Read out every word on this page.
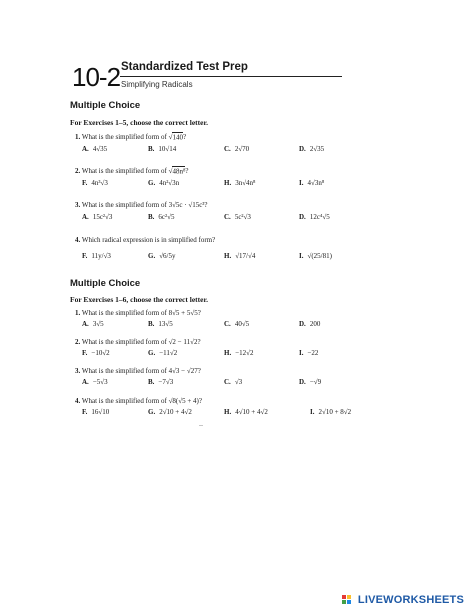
10-2 Standardized Test Prep
Simplifying Radicals
Multiple Choice
For Exercises 1–5, choose the correct letter.
1. What is the simplified form of √140?
A. 4√35	B. 10√14	C. 2√70	D. 2√35
2. What is the simplified form of √48n⁸?
F. 4n³√3	G. 4n²√3n	H. 3n√4n⁸	I. 4√3n⁸
3. What is the simplified form of 3√5c · √15c³?
A. 15c²√3	B. 6c²√5	C. 5c²√3	D. 12c⁴√5
4. Which radical expression is in simplified form?
F. 11y/√3	G. √6/5y	H. √17/√4	I. √(25/81)
Multiple Choice
For Exercises 1–6, choose the correct letter.
1. What is the simplified form of 8√5 + 5√5?
A. 3√5	B. 13√5	C. 40√5	D. 200
2. What is the simplified form of √2 − 11√2?
F. −10√2	G. −11√2	H. −12√2	I. −22
3. What is the simplified form of 4√3 − √27?
A. −5√3	B. −7√3	C. √3	D. −√9
4. What is the simplified form of √8(√5 + 4)?
F. 16√10	G. 2√10 + 4√2	H. 4√10 + 4√2	I. 2√10 + 8√2
--
LIVEWORKSHEETS
